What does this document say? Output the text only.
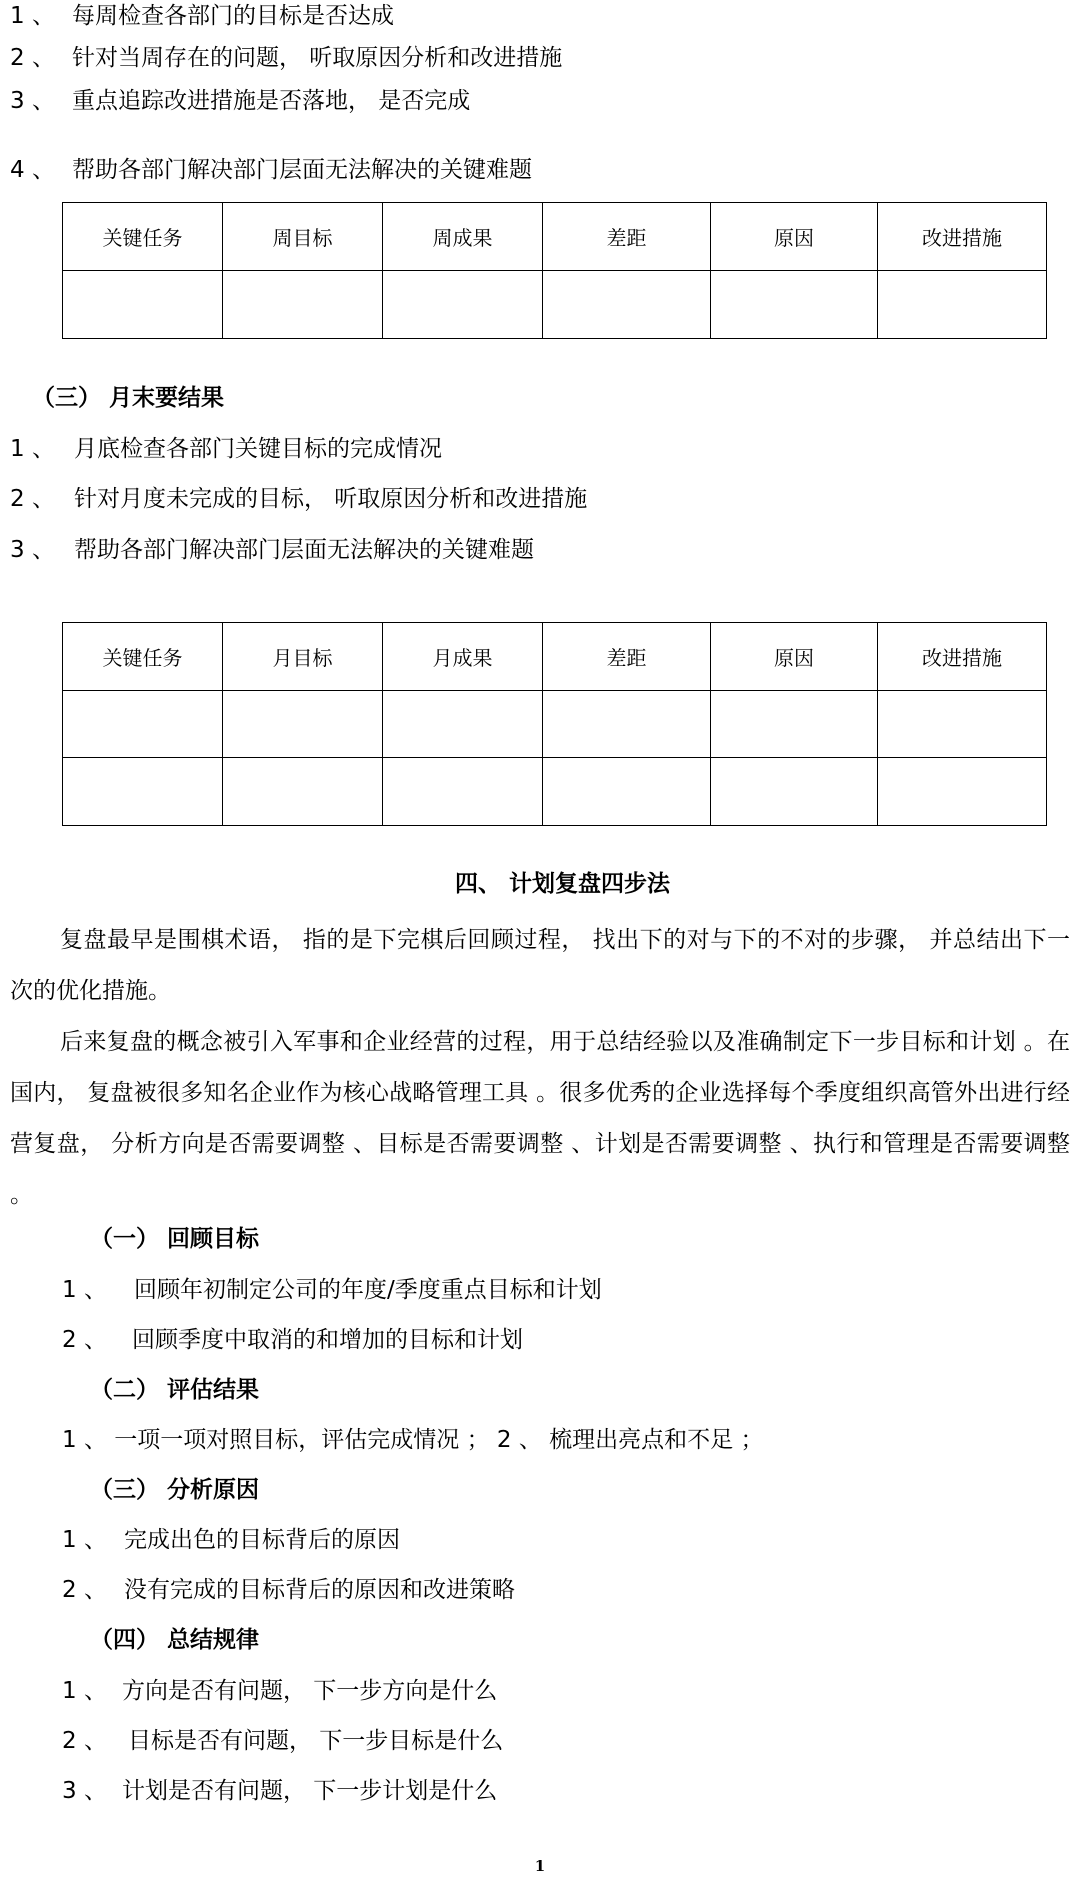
1 、 每周检查各部门的目标是否达成
2 、 针对当周存在的问题， 听取原因分析和改进措施
3 、 重点追踪改进措施是否落地， 是否完成
4 、 帮助各部门解决部门层面无法解决的关键难题
关键任务	周目标	周成果	差距	原因	改进措施

（三） 月末要结果
1 、 月底检查各部门关键目标的完成情况
2 、 针对月度未完成的目标， 听取原因分析和改进措施
3 、 帮助各部门解决部门层面无法解决的关键难题
关键任务	月目标	月成果	差距	原因	改进措施

四、 计划复盘四步法
复盘最早是围棋术语， 指的是下完棋后回顾过程， 找出下的对与下的不对的步骤， 并总结出下一次的优化措施。
后来复盘的概念被引入军事和企业经营的过程，用于总结经验以及准确制定下一步目标和计划 。在国内， 复盘被很多知名企业作为核心战略管理工具 。很多优秀的企业选择每个季度组织高管外出进行经营复盘， 分析方向是否需要调整 、目标是否需要调整 、计划是否需要调整 、执行和管理是否需要调整 。
（一） 回顾目标
1 、 回顾年初制定公司的年度/季度重点目标和计划
2 、 回顾季度中取消的和增加的目标和计划
（二） 评估结果
1 、 一项一项对照目标，评估完成情况 ； 2 、 梳理出亮点和不足 ；
（三） 分析原因
1 、 完成出色的目标背后的原因
2 、 没有完成的目标背后的原因和改进策略
（四） 总结规律
1 、 方向是否有问题， 下一步方向是什么
2 、 目标是否有问题， 下一步目标是什么
3 、 计划是否有问题， 下一步计划是什么
1
